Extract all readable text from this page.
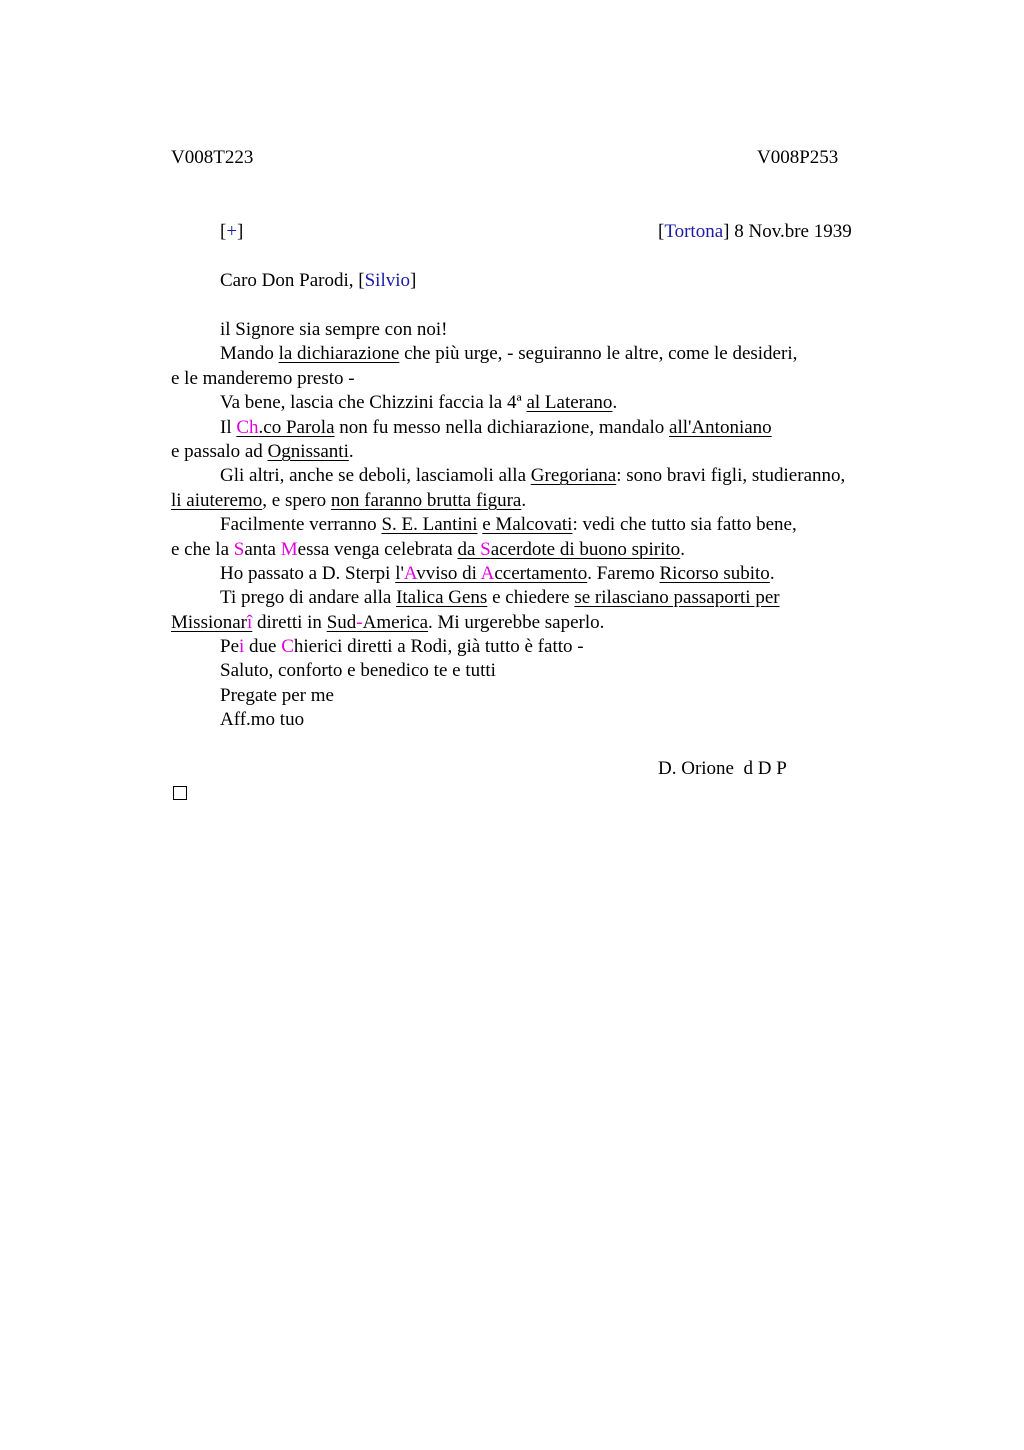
V008T223	V008P253
[+]	[Tortona] 8 Nov.bre 1939
Caro Don Parodi, [Silvio]
il Signore sia sempre con noi!
Mando la dichiarazione che più urge, - seguiranno le altre, come le desideri,
e le manderemo presto -
Va bene, lascia che Chizzini faccia la 4ª al Laterano.
Il Ch.co Parola non fu messo nella dichiarazione, mandalo all'Antoniano
e passalo ad Ognissanti.
Gli altri, anche se deboli, lasciamoli alla Gregoriana: sono bravi figli, studieranno,
li aiuteremo, e spero non faranno brutta figura.
Facilmente verranno S. E. Lantini e Malcovati: vedi che tutto sia fatto bene,
e che la Santa Messa venga celebrata da Sacerdote di buono spirito.
Ho passato a D. Sterpi l'Avviso di Accertamento. Faremo Ricorso subito.
Ti prego di andare alla Italica Gens e chiedere se rilasciano passaporti per
Missionarî diretti in Sud-America. Mi urgerebbe saperlo.
Pei due Chierici diretti a Rodi, già tutto è fatto -
Saluto, conforto e benedico te e tutti
Pregate per me
Aff.mo tuo
D. Orione  d D P
